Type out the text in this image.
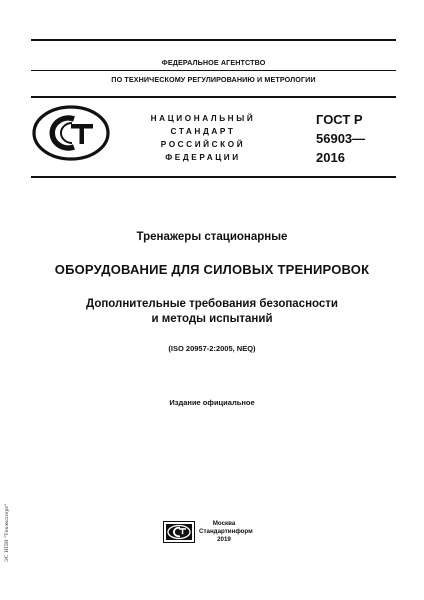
ФЕДЕРАЛЬНОЕ АГЕНТСТВО
ПО ТЕХНИЧЕСКОМУ РЕГУЛИРОВАНИЮ И МЕТРОЛОГИИ
НАЦИОНАЛЬНЫЙ
СТАНДАРТ
РОССИЙСКОЙ
ФЕДЕРАЦИИ
ГОСТ Р
56903—
2016
Тренажеры стационарные
ОБОРУДОВАНИЕ ДЛЯ СИЛОВЫХ ТРЕНИРОВОК
Дополнительные требования безопасности
и методы испытаний
(ISO 20957-2:2005, NEQ)
Издание официальное
Москва
Стандартинформ
2019
ЭС НПИ "Техэксперт"
